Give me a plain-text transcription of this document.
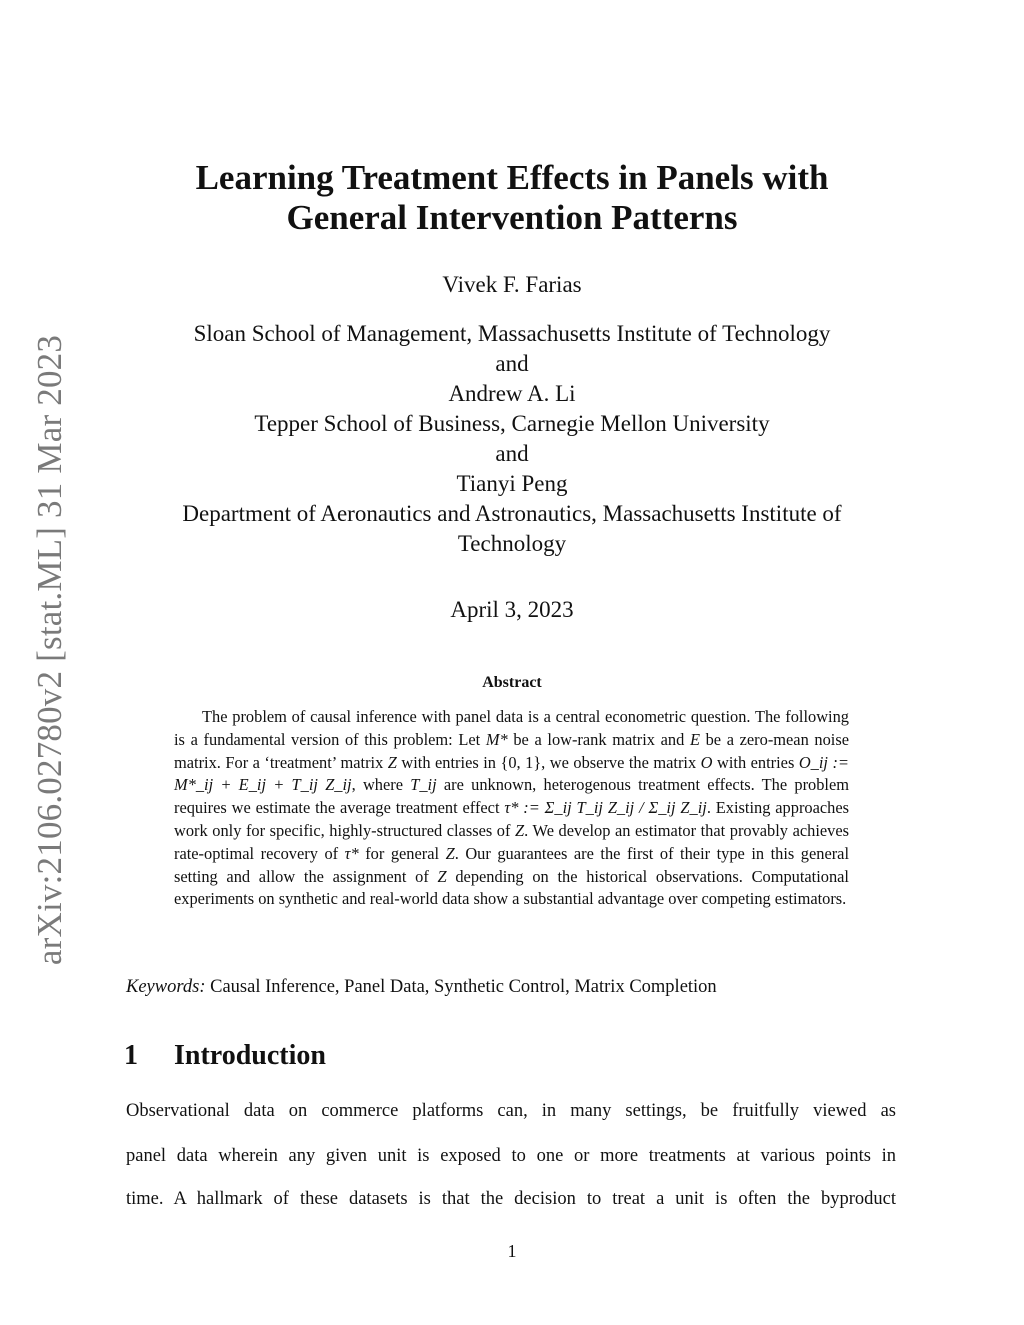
arXiv:2106.02780v2 [stat.ML] 31 Mar 2023
Learning Treatment Effects in Panels with
General Intervention Patterns
Vivek F. Farias
Sloan School of Management, Massachusetts Institute of Technology
and
Andrew A. Li
Tepper School of Business, Carnegie Mellon University
and
Tianyi Peng
Department of Aeronautics and Astronautics, Massachusetts Institute of
Technology
April 3, 2023
Abstract

The problem of causal inference with panel data is a central econometric question. The following is a fundamental version of this problem: Let M* be a low-rank matrix and E be a zero-mean noise matrix. For a ‘treatment’ matrix Z with entries in {0, 1}, we observe the matrix O with entries O_ij := M*_ij + E_ij + T_ij Z_ij, where T_ij are unknown, heterogenous treatment effects. The problem requires we estimate the average treatment effect τ* := Σ_ij T_ij Z_ij / Σ_ij Z_ij. Existing approaches work only for specific, highly-structured classes of Z. We develop an estimator that provably achieves rate-optimal recovery of τ* for general Z. Our guarantees are the first of their type in this general setting and allow the assignment of Z depending on the historical observations. Computational experiments on synthetic and real-world data show a substantial advantage over competing estimators.

Keywords: Causal Inference, Panel Data, Synthetic Control, Matrix Completion
1 Introduction
Observational data on commerce platforms can, in many settings, be fruitfully viewed as
panel data wherein any given unit is exposed to one or more treatments at various points in
time. A hallmark of these datasets is that the decision to treat a unit is often the byproduct
1
